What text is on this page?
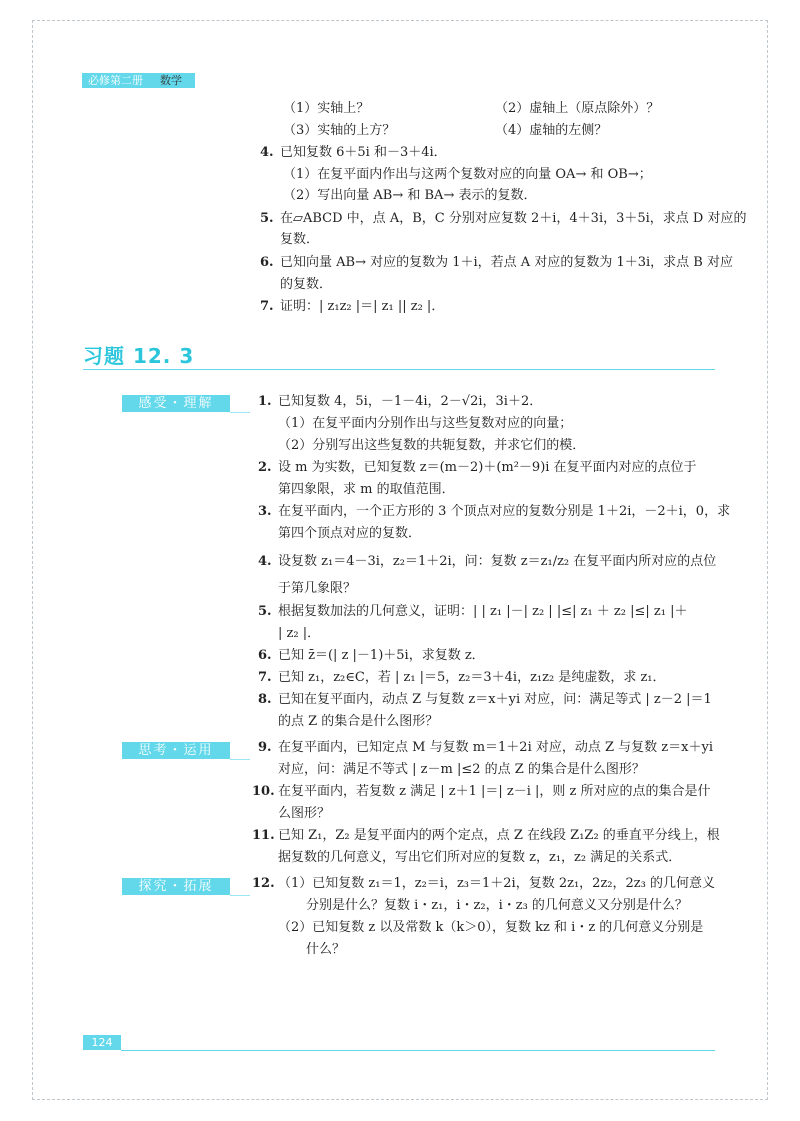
必修第二册 数学
（1）实轴上？	（2）虚轴上（原点除外）？
（3）实轴的上方？	（4）虚轴的左侧？
4. 已知复数 6＋5i 和－3＋4i．
（1）在复平面内作出与这两个复数对应的向量 OA→ 和 OB→；
（2）写出向量 AB→ 和 BA→ 表示的复数．
5. 在▱ABCD 中，点 A，B，C 分别对应复数 2＋i，4＋3i，3＋5i，求点 D 对应的
复数．
6. 已知向量 AB→ 对应的复数为 1＋i，若点 A 对应的复数为 1＋3i，求点 B 对应
的复数．
7. 证明：| z₁z₂ |＝| z₁ || z₂ |．
习题 12. 3
感受・理解	1. 已知复数 4，5i，－1－4i，2－√2i，3i＋2．
（1）在复平面内分别作出与这些复数对应的向量；
（2）分别写出这些复数的共轭复数，并求它们的模．
2. 设 m 为实数，已知复数 z＝(m－2)＋(m²－9)i 在复平面内对应的点位于
第四象限，求 m 的取值范围．
3. 在复平面内，一个正方形的 3 个顶点对应的复数分别是 1＋2i，－2＋i，0，求
第四个顶点对应的复数．
4. 设复数 z₁＝4－3i，z₂＝1＋2i，问：复数 z＝z₁/z₂ 在复平面内所对应的点位
于第几象限？
5. 根据复数加法的几何意义，证明：| | z₁ |－| z₂ | |≤| z₁ ＋ z₂ |≤| z₁ |＋
| z₂ |．
6. 已知 z̄＝(| z |－1)＋5i，求复数 z．
7. 已知 z₁，z₂∈C，若 | z₁ |＝5，z₂＝3＋4i，z₁z₂ 是纯虚数，求 z₁．
8. 已知在复平面内，动点 Z 与复数 z＝x＋yi 对应，问：满足等式 | z－2 |＝1
的点 Z 的集合是什么图形？
思考・运用	9. 在复平面内，已知定点 M 与复数 m＝1＋2i 对应，动点 Z 与复数 z＝x＋yi
对应，问：满足不等式 | z－m |≤2 的点 Z 的集合是什么图形？
10. 在复平面内，若复数 z 满足 | z＋1 |＝| z－i |，则 z 所对应的点的集合是什
么图形？
11. 已知 Z₁，Z₂ 是复平面内的两个定点，点 Z 在线段 Z₁Z₂ 的垂直平分线上，根
据复数的几何意义，写出它们所对应的复数 z，z₁，z₂ 满足的关系式．
探究・拓展	12. （1）已知复数 z₁＝1，z₂＝i，z₃＝1＋2i，复数 2z₁，2z₂，2z₃ 的几何意义
分别是什么？复数 i・z₁，i・z₂，i・z₃ 的几何意义又分别是什么？
（2）已知复数 z 以及常数 k（k＞0），复数 kz 和 i・z 的几何意义分别是
什么？
124
